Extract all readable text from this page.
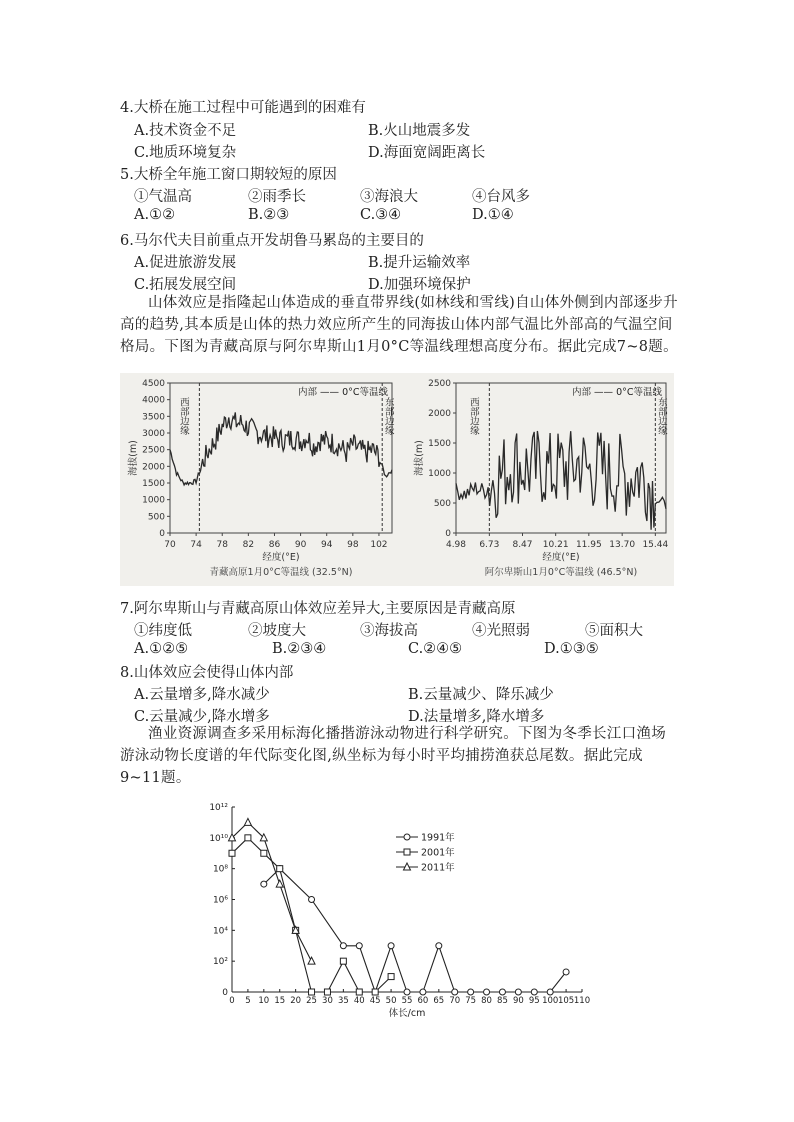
4.大桥在施工过程中可能遇到的困难有
A.技术资金不足	B.火山地震多发
C.地质环境复杂	D.海面宽阔距离长
5.大桥全年施工窗口期较短的原因
①气温高	②雨季长	③海浪大	④台风多
A.①②	B.②③	C.③④	D.①④
6.马尔代夫目前重点开发胡鲁马累岛的主要目的
A.促进旅游发展	B.提升运输效率
C.拓展发展空间	D.加强环境保护
山体效应是指隆起山体造成的垂直带界线(如林线和雪线)自山体外侧到内部逐步升高的趋势,其本质是山体的热力效应所产生的同海拔山体内部气温比外部高的气温空间格局。下图为青藏高原与阿尔卑斯山1月0°C等温线理想高度分布。据此完成7~8题。
0
500
1000
1500
2000
2500
3000
3500
4000
4500
70 74 78 82 86 90 94 98 102
经度(°E)
海拔(m)
西部边缘	东部边缘
内部 —— 0°C等温线
青藏高原1月0°C等温线 (32.5°N)
0
500
1000
1500
2000
2500
4.98 6.73 8.47 10.21 11.95 13.70 15.44
经度(°E)
海拔(m)
西部边缘	东部边缘
内部 —— 0°C等温线
阿尔卑斯山1月0°C等温线 (46.5°N)
7.阿尔卑斯山与青藏高原山体效应差异大,主要原因是青藏高原
①纬度低	②坡度大	③海拔高	④光照弱	⑤面积大
A.①②⑤	B.②③④	C.②④⑤	D.①③⑤
8.山体效应会使得山体内部
A.云量增多,降水减少	B.云量减少、降乐减少
C.云量减少,降水增多	D.法量增多,降水增多
渔业资源调查多采用标海化播揩游泳动物进行科学研究。下图为冬季长江口渔场游泳动物长度谱的年代际变化图,纵坐标为每小时平均捕捞渔获总尾数。据此完成9~11题。
0
10²
10⁴
10⁶
10⁸
10¹⁰
10¹²
0 5 10 15 20 25 30 35 40 45 50 55 60 65 70 75 80 85 90 95 100 105 110
体长/cm
1991年
2001年
2011年
